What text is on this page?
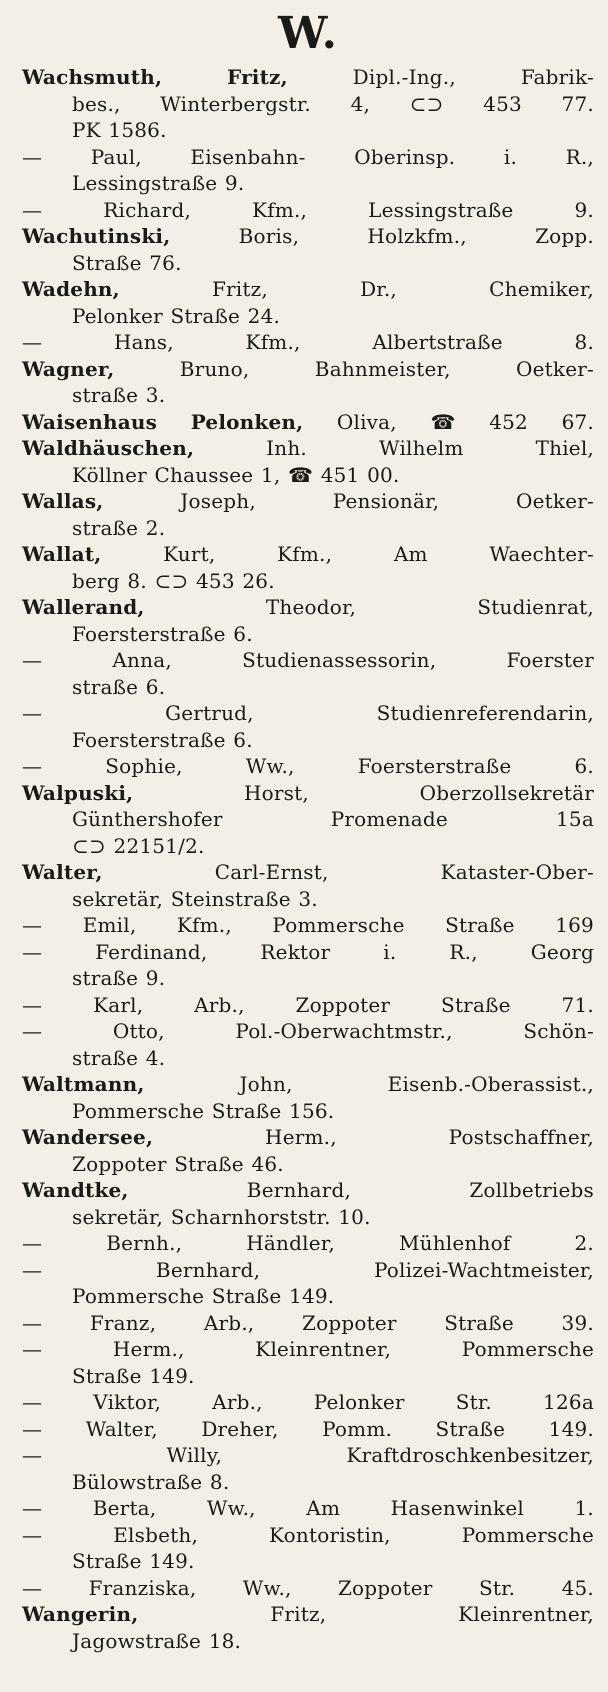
W.
Wachsmuth,	Fritz,	Dipl.-Ing.,	Fabrik-
bes., Winterbergstr. 4, ⊂⊃ 453 77.
PK 1586.
— Paul, Eisenbahn- Oberinsp. i. R.,
Lessingstraße 9.
—	Richard,	Kfm.,	Lessingstraße	9.
Wachutinski,	Boris,	Holzkfm.,	Zopp.
Straße 76.
Wadehn,	Fritz,	Dr.,	Chemiker,
Pelonker Straße 24.
—	Hans,	Kfm.,	Albertstraße	8.
Wagner,	Bruno,	Bahnmeister,	Oetker-
straße 3.
Waisenhaus Pelonken, Oliva, ☎ 452 67.
Waldhäuschen,	Inh.	Wilhelm	Thiel,
Köllner Chaussee 1, ☎ 451 00.
Wallas,	Joseph,	Pensionär,	Oetker-
straße 2.
Wallat,	Kurt,	Kfm.,	Am	Waechter-
berg 8. ⊂⊃ 453 26.
Wallerand,	Theodor,	Studienrat,
Foersterstraße 6.
—	Anna,	Studienassessorin,	Foerster
straße 6.
—	Gertrud,	Studienreferendarin,
Foersterstraße 6.
—	Sophie,	Ww.,	Foersterstraße	6.
Walpuski,	Horst,	Oberzollsekretär
Günthershofer	Promenade	15a
⊂⊃ 22151/2.
Walter,	Carl-Ernst,	Kataster-Ober-
sekretär, Steinstraße 3.
— Emil, Kfm., Pommersche Straße 169
—	Ferdinand,	Rektor	i.	R.,	Georg
straße 9.
—	Karl,	Arb.,	Zoppoter	Straße	71.
—	Otto,	Pol.-Oberwachtmstr.,	Schön-
straße 4.
Waltmann,	John,	Eisenb.-Oberassist.,
Pommersche Straße 156.
Wandersee,	Herm.,	Postschaffner,
Zoppoter Straße 46.
Wandtke,	Bernhard,	Zollbetriebs
sekretär, Scharnhorststr. 10.
—	Bernh.,	Händler,	Mühlenhof	2.
—	Bernhard,	Polizei-Wachtmeister,
Pommersche Straße 149.
— Franz, Arb., Zoppoter Straße 39.
—	Herm.,	Kleinrentner,	Pommersche
Straße 149.
—	Viktor,	Arb.,	Pelonker	Str.	126a
— Walter, Dreher, Pomm. Straße 149.
—	Willy,	Kraftdroschkenbesitzer,
Bülowstraße 8.
—	Berta,	Ww.,	Am	Hasenwinkel	1.
—	Elsbeth,	Kontoristin,	Pommersche
Straße 149.
— Franziska, Ww., Zoppoter Str. 45.
Wangerin,	Fritz,	Kleinrentner,
Jagowstraße 18.
